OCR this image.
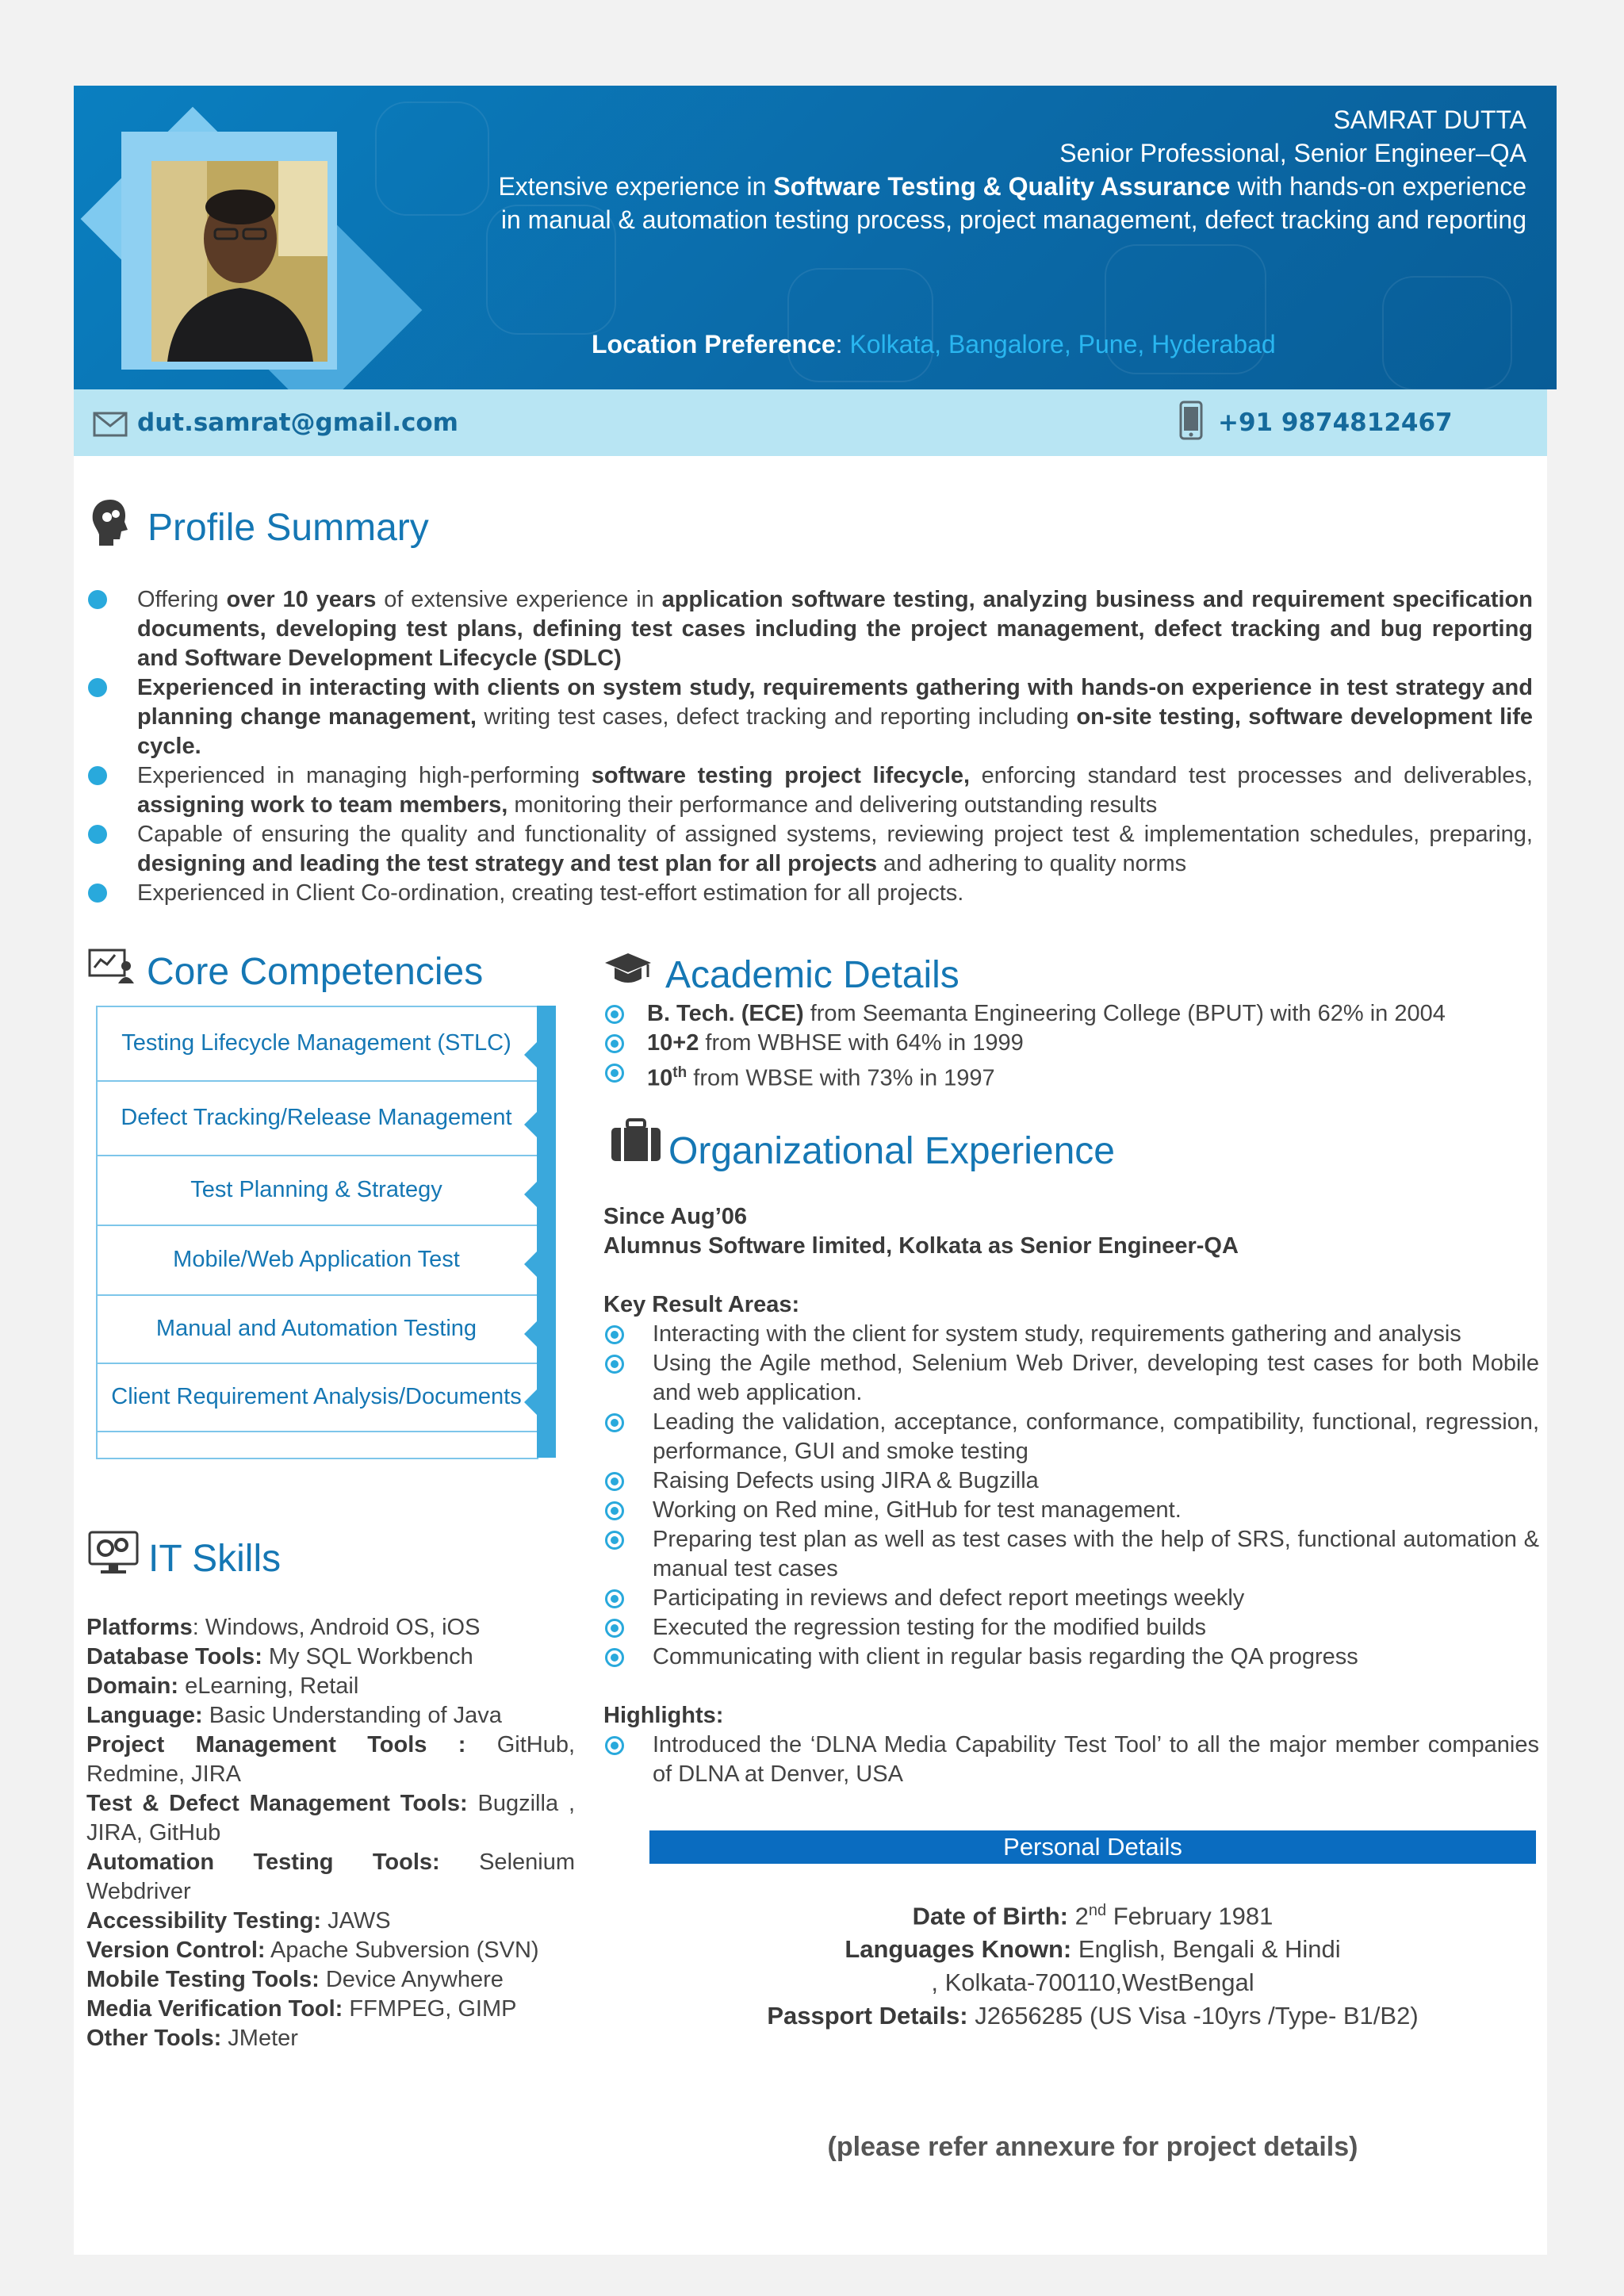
SAMRAT DUTTA
Senior Professional, Senior Engineer–QA
Extensive experience in Software Testing & Quality Assurance with hands-on experience
in manual & automation testing process, project management, defect tracking and reporting
Location Preference: Kolkata, Bangalore, Pune, Hyderabad
dut.samrat@gmail.com	+91 9874812467
Profile Summary
Offering over 10 years of extensive experience in application software testing, analyzing business and requirement specification documents, developing test plans, defining test cases including the project management, defect tracking and bug reporting and Software Development Lifecycle (SDLC)
Experienced in interacting with clients on system study, requirements gathering with hands-on experience in test strategy and planning change management, writing test cases, defect tracking and reporting including on-site testing, software development life cycle.
Experienced in managing high-performing software testing project lifecycle, enforcing standard test processes and deliverables, assigning work to team members, monitoring their performance and delivering outstanding results
Capable of ensuring the quality and functionality of assigned systems, reviewing project test & implementation schedules, preparing, designing and leading the test strategy and test plan for all projects and adhering to quality norms
Experienced in Client Co-ordination, creating test-effort estimation for all projects.
Core Competencies
Testing Lifecycle Management (STLC)
Defect Tracking/Release Management
Test Planning & Strategy
Mobile/Web Application Test
Manual and Automation Testing
Client Requirement Analysis/Documents
Academic Details
B. Tech. (ECE) from Seemanta Engineering College (BPUT) with 62% in 2004
10+2 from WBHSE with 64% in 1999
10th from WBSE with 73% in 1997
Organizational Experience
Since Aug’06
Alumnus Software limited, Kolkata as Senior Engineer-QA
Key Result Areas:
Interacting with the client for system study, requirements gathering and analysis
Using the Agile method, Selenium Web Driver, developing test cases for both Mobile and web application.
Leading the validation, acceptance, conformance, compatibility, functional, regression, performance, GUI and smoke testing
Raising Defects using JIRA & Bugzilla
Working on Red mine, GitHub for test management.
Preparing test plan as well as test cases with the help of SRS, functional automation & manual test cases
Participating in reviews and defect report meetings weekly
Executed the regression testing for the modified builds
Communicating with client in regular basis regarding the QA progress
Highlights:
Introduced the ‘DLNA Media Capability Test Tool’ to all the major member companies of DLNA at Denver, USA
IT Skills
Platforms: Windows, Android OS, iOS
Database Tools: My SQL Workbench
Domain: eLearning, Retail
Language: Basic Understanding of Java
Project Management Tools : GitHub, Redmine, JIRA
Test & Defect Management Tools: Bugzilla , JIRA, GitHub
Automation Testing Tools: Selenium Webdriver
Accessibility Testing: JAWS
Version Control: Apache Subversion (SVN)
Mobile Testing Tools: Device Anywhere
Media Verification Tool: FFMPEG, GIMP
Other Tools: JMeter
Personal Details
Date of Birth: 2nd February 1981
Languages Known: English, Bengali & Hindi
, Kolkata-700110,WestBengal
Passport Details: J2656285 (US Visa -10yrs /Type- B1/B2)
(please refer annexure for project details)
